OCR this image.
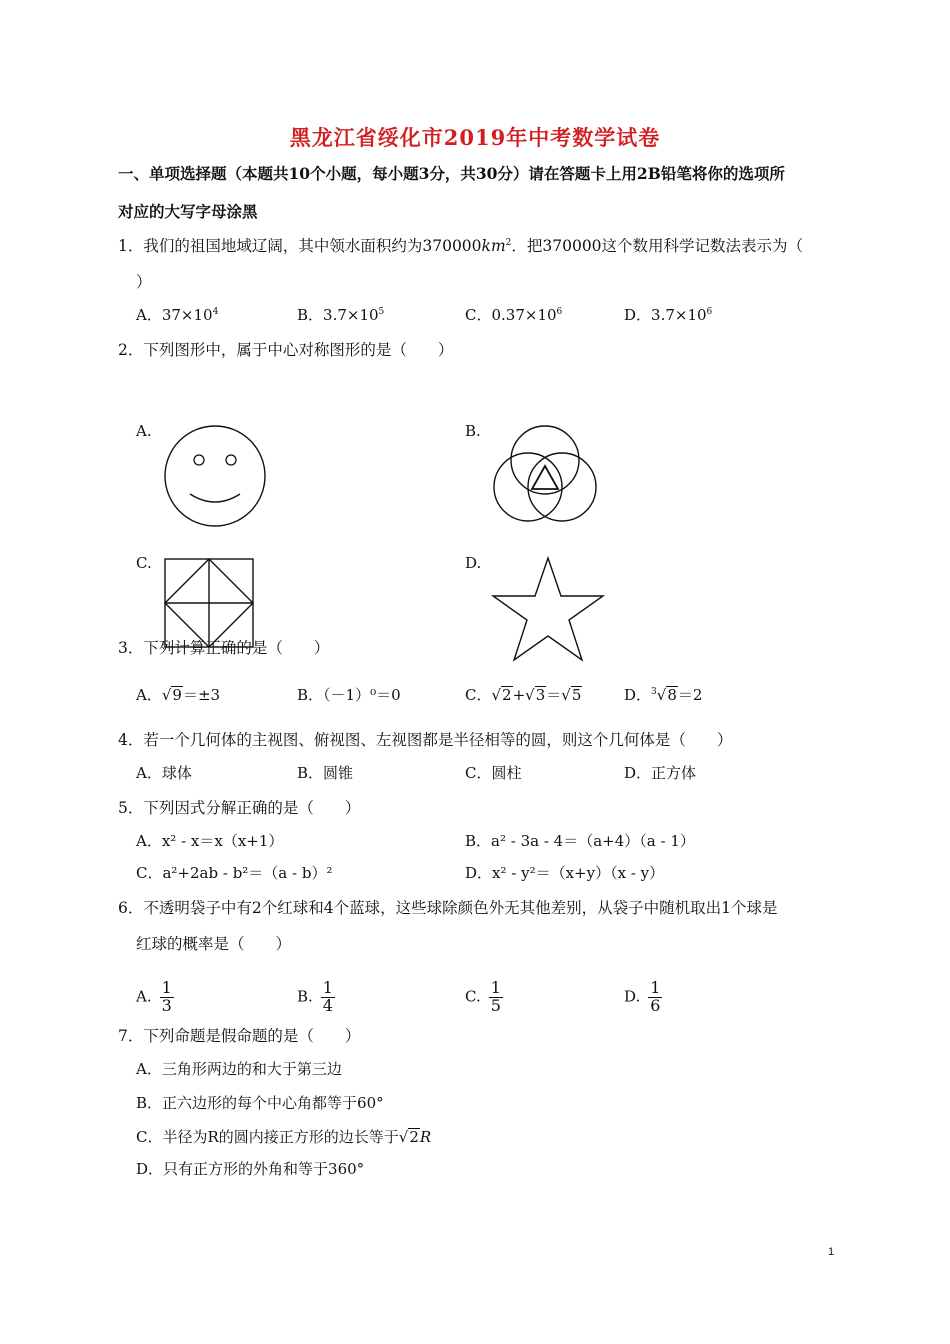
黑龙江省绥化市2019年中考数学试卷
一、单项选择题（本题共10个小题，每小题3分，共30分）请在答题卡上用2B铅笔将你的选项所
对应的大写字母涂黑
1．我们的祖国地域辽阔，其中领水面积约为$370000km^2$．把370000这个数用科学记数法表示为（
）
A．$37\times 10^4$	B．$3.7\times 10^5$	C．$0.37\times 10^6$	D．$3.7\times 10^6$
2．下列图形中，属于中心对称图形的是（　　）
A.	B.
C.	D.
3．下列计算正确的是（　　）
A．√9＝±3	B．（－1）⁰＝0	C．√2+√3＝√5	D．$^3$√8＝2
4．若一个几何体的主视图、俯视图、左视图都是半径相等的圆，则这个几何体是（　　）
A．球体	B．圆锥	C．圆柱	D．正方体
5．下列因式分解正确的是（　　）
A．x² - x＝x（x+1）	B．a² - 3a - 4＝（a+4）（a - 1）
C．a²+2ab - b²＝（a - b）²	D．x² - y²＝（x+y）（x - y）
6．不透明袋子中有2个红球和4个蓝球，这些球除颜色外无其他差别，从袋子中随机取出1个球是
红球的概率是（　　）
A. $\frac{1}{3}$	B. $\frac{1}{4}$	C. $\frac{1}{5}$	D. $\frac{1}{6}$
7．下列命题是假命题的是（　　）
A．三角形两边的和大于第三边
B．正六边形的每个中心角都等于60°
C．半径为R的圆内接正方形的边长等于√2R
D．只有正方形的外角和等于360°
1
